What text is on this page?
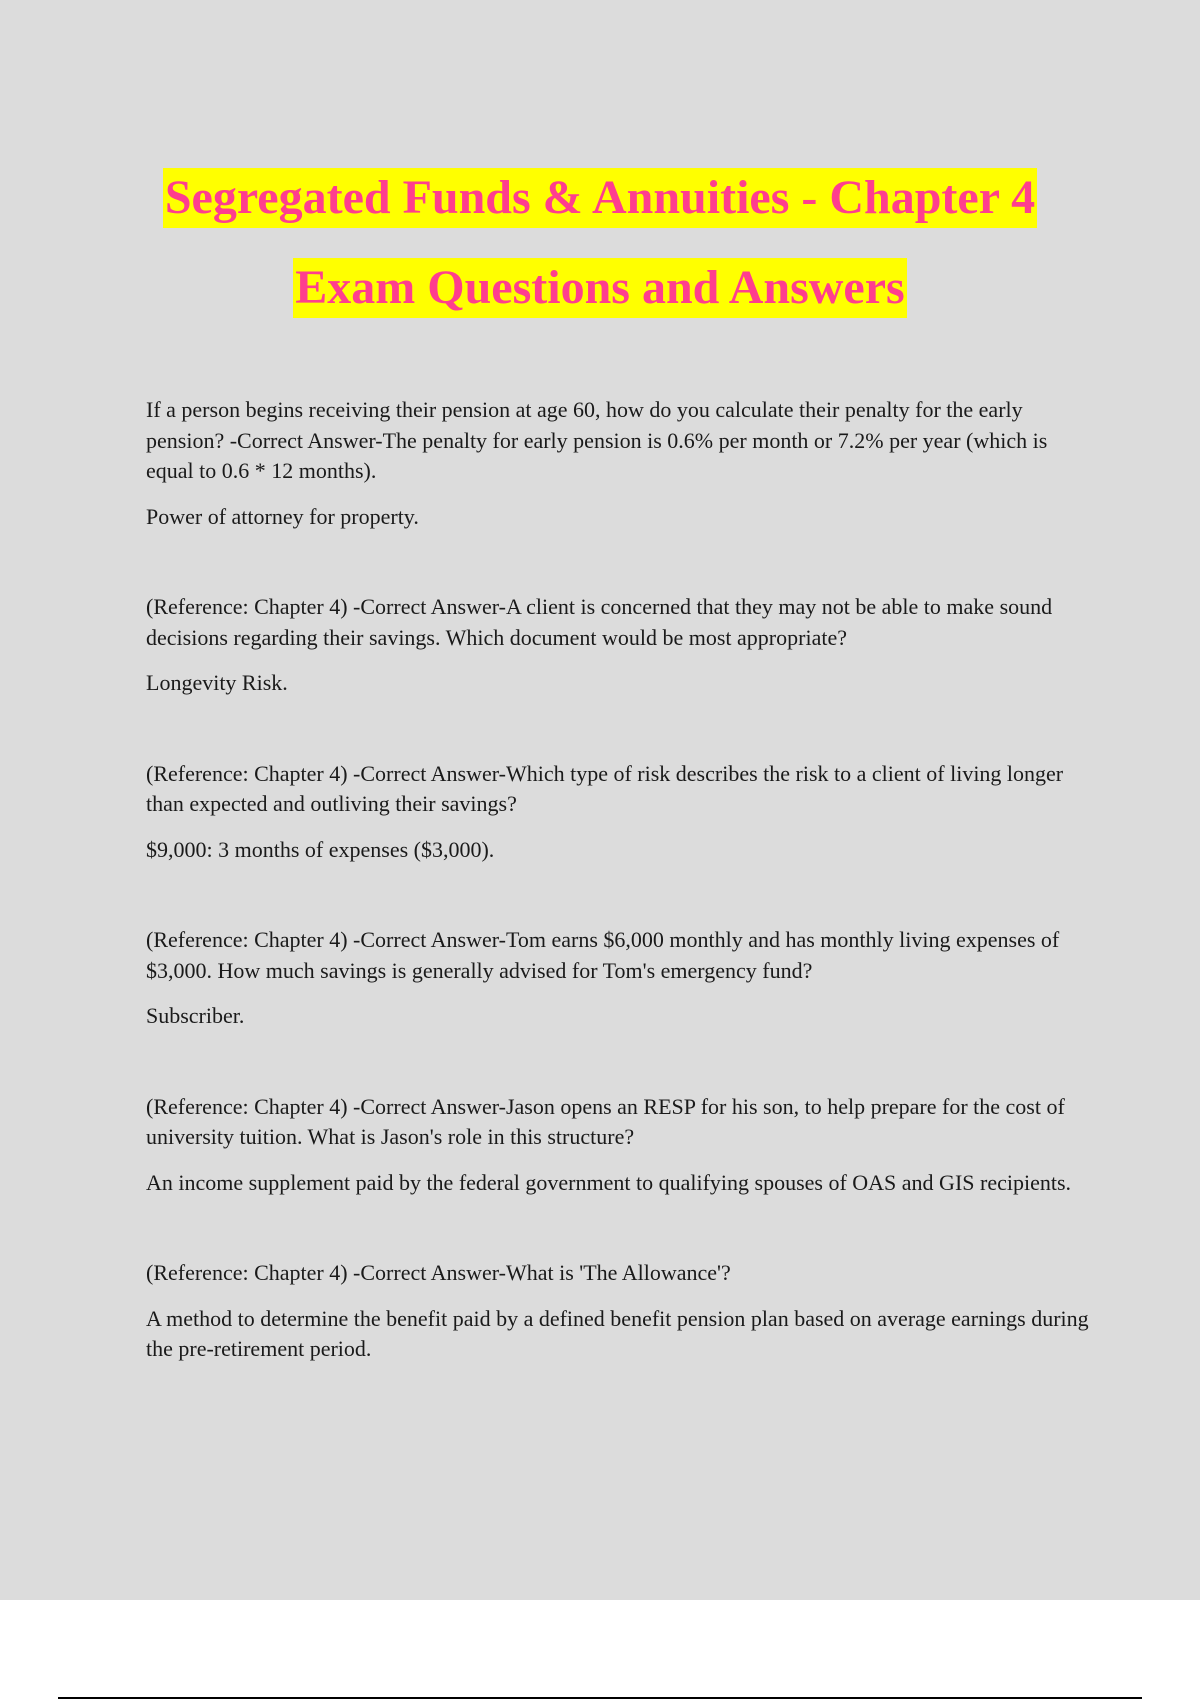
Segregated Funds & Annuities - Chapter 4
Exam Questions and Answers

If a person begins receiving their pension at age 60, how do you calculate their penalty for the early pension? -Correct Answer-The penalty for early pension is 0.6% per month or 7.2% per year (which is equal to 0.6 * 12 months).

Power of attorney for property.

(Reference: Chapter 4) -Correct Answer-A client is concerned that they may not be able to make sound decisions regarding their savings. Which document would be most appropriate?

Longevity Risk.

(Reference: Chapter 4) -Correct Answer-Which type of risk describes the risk to a client of living longer than expected and outliving their savings?

$9,000: 3 months of expenses ($3,000).

(Reference: Chapter 4) -Correct Answer-Tom earns $6,000 monthly and has monthly living expenses of $3,000. How much savings is generally advised for Tom's emergency fund?

Subscriber.

(Reference: Chapter 4) -Correct Answer-Jason opens an RESP for his son, to help prepare for the cost of university tuition. What is Jason's role in this structure?

An income supplement paid by the federal government to qualifying spouses of OAS and GIS recipients.

(Reference: Chapter 4) -Correct Answer-What is 'The Allowance'?

A method to determine the benefit paid by a defined benefit pension plan based on average earnings during the pre-retirement period.
